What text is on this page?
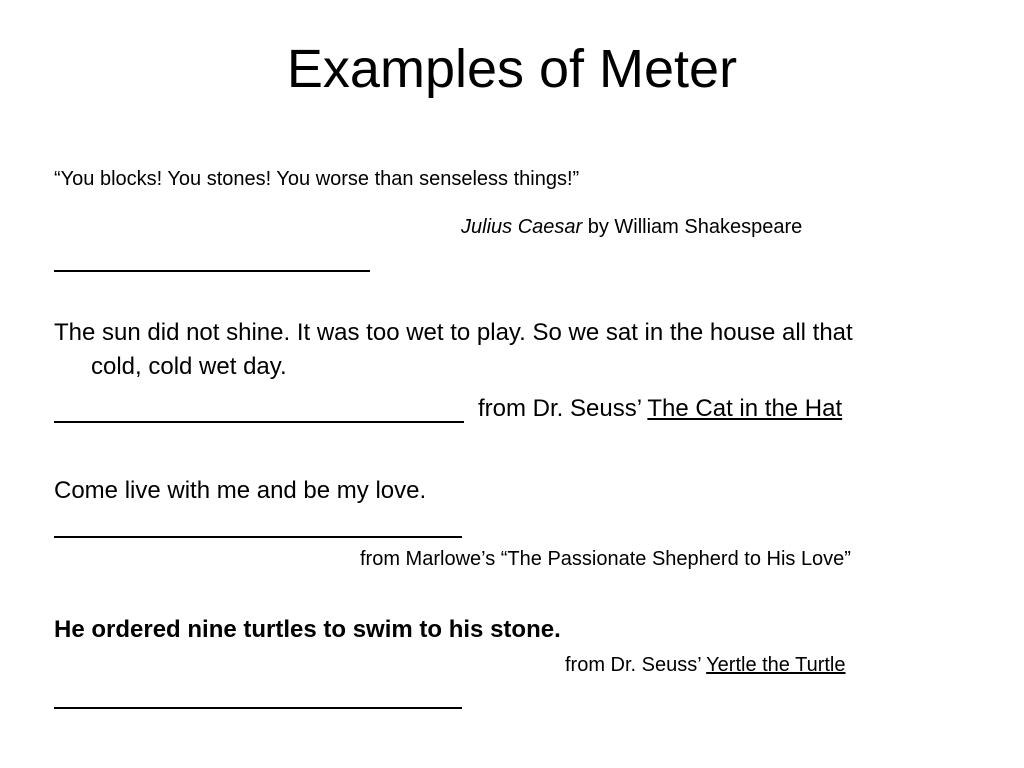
Examples of Meter
“You blocks! You stones! You worse than senseless things!”
Julius Caesar by William Shakespeare
The sun did not shine. It was too wet to play. So we sat in the house all that
cold, cold wet day.
from Dr. Seuss’ The Cat in the Hat
Come live with me and be my love.
from Marlowe’s “The Passionate Shepherd to His Love”
He ordered nine turtles to swim to his stone.
from Dr. Seuss’ Yertle the Turtle
